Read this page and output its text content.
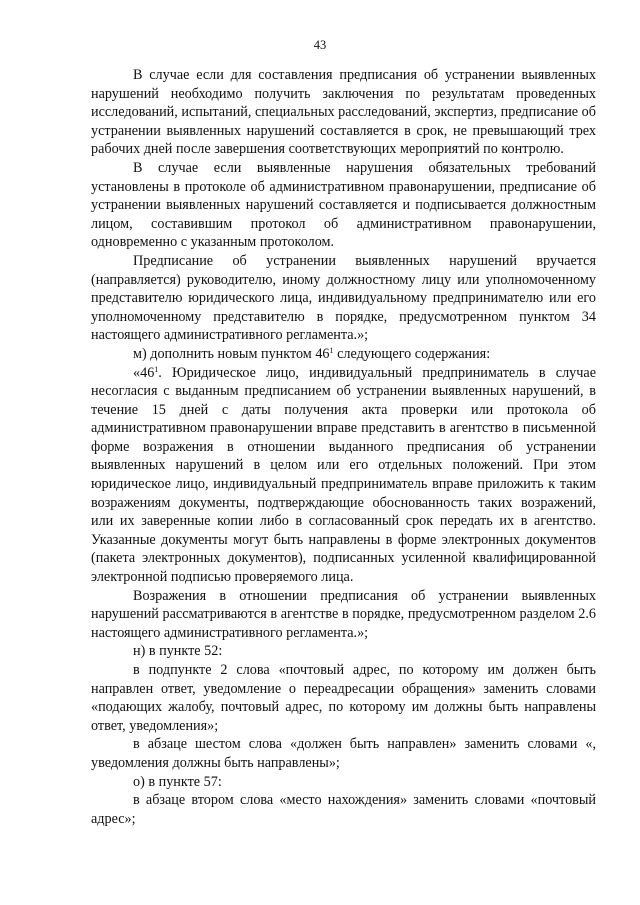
43

В случае если для составления предписания об устранении выявленных нарушений необходимо получить заключения по результатам проведенных исследований, испытаний, специальных расследований, экспертиз, предписание об устранении выявленных нарушений составляется в срок, не превышающий трех рабочих дней после завершения соответствующих мероприятий по контролю.

В случае если выявленные нарушения обязательных требований установлены в протоколе об административном правонарушении, предписание об устранении выявленных нарушений составляется и подписывается должностным лицом, составившим протокол об административном правонарушении, одновременно с указанным протоколом.

Предписание об устранении выявленных нарушений вручается (направляется) руководителю, иному должностному лицу или уполномоченному представителю юридического лица, индивидуальному предпринимателю или его уполномоченному представителю в порядке, предусмотренном пунктом 34 настоящего административного регламента.»;

м) дополнить новым пунктом $46^1$ следующего содержания:

«$46^1$. Юридическое лицо, индивидуальный предприниматель в случае несогласия с выданным предписанием об устранении выявленных нарушений, в течение 15 дней с даты получения акта проверки или протокола об административном правонарушении вправе представить в агентство в письменной форме возражения в отношении выданного предписания об устранении выявленных нарушений в целом или его отдельных положений. При этом юридическое лицо, индивидуальный предприниматель вправе приложить к таким возражениям документы, подтверждающие обоснованность таких возражений, или их заверенные копии либо в согласованный срок передать их в агентство. Указанные документы могут быть направлены в форме электронных документов (пакета электронных документов), подписанных усиленной квалифицированной электронной подписью проверяемого лица.

Возражения в отношении предписания об устранении выявленных нарушений рассматриваются в агентстве в порядке, предусмотренном разделом 2.6 настоящего административного регламента.»;

н) в пункте 52:

в подпункте 2 слова «почтовый адрес, по которому им должен быть направлен ответ, уведомление о переадресации обращения» заменить словами «подающих жалобу, почтовый адрес, по которому им должны быть направлены ответ, уведомления»;

в абзаце шестом слова «должен быть направлен» заменить словами «, уведомления должны быть направлены»;

о) в пункте 57:

в абзаце втором слова «место нахождения» заменить словами «почтовый адрес»;
